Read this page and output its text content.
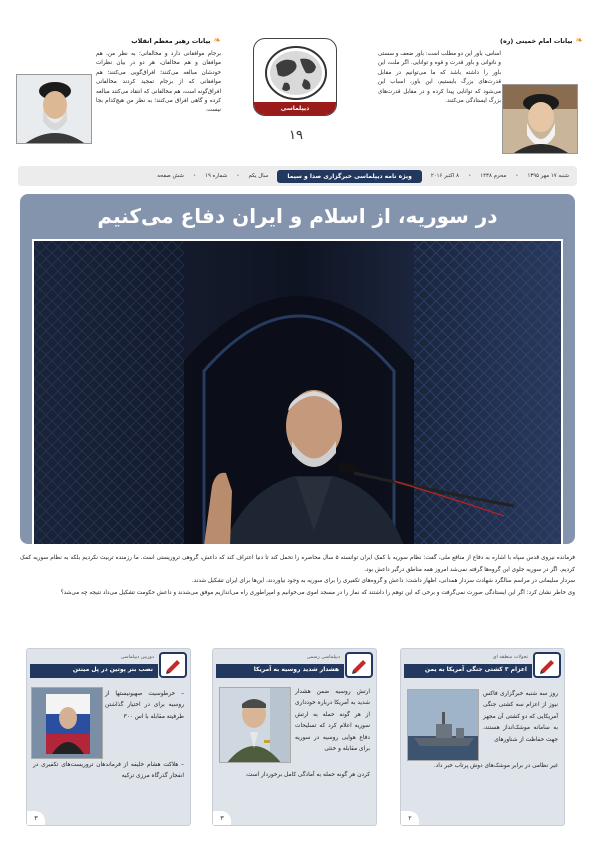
❧
بیانات امام خمینی (ره)
اساس، باور این دو مطلب است: باور ضعف و سستی و ناتوانی و باور قدرت و قوه و توانایی. اگر ملت، این باور را داشته باشد که ما می‌توانیم در مقابل قدرت‌های بزرگ بایستیم، این باور، اسباب این می‌شود که توانایی پیدا کرده و در مقابل قدرت‌های بزرگ ایستادگی می‌کنند.
❧
بیانات رهبر معظم انقلاب
برجام موافقانی دارد و مخالفانی؛ به نظر من، هم موافقان و هم مخالفان، هر دو در بیان نظرات خودشان مبالغه می‌کنند؛ افراق‌گویی می‌کنند؛ هم موافقانی که از برجام تمجید کردند مخالفانی افراق‌گونه است، هم مخالفانی که انتقاد می‌کنند مبالغه کرده و گاهی افراق می‌کنند؛ به نظر من هیچ‌کدام بجا نیست.	دیپلماسی
۱۹
شنبه ۱۷ مهر ۱۳۹۵
•
محرم ۱۴۳۸
•
۸ اکتبر ۲۰۱۶
ویژه نامه دیپلماسی خبرگزاری صدا و سیما
سال یکم
•
شماره ۱۹
•
شش صفحه
در سوریه، از اسلام و ایران دفاع می‌کنیم

فرمانده نیروی قدس سپاه با اشاره به دفاع از منافع ملی، گفت: نظام سوریه با کمک ایران توانسته ۵ سال محاصره را تحمل کند تا دنیا اعتراف کند که داعش، گروهی تروریستی است. ما رزمنده تربیت نکردیم بلکه به نظام سوریه کمک کردیم. اگر در سوریه جلوی این گروه‌ها گرفته نمی‌شد امروز همه مناطق درگیر داعش بود.

سردار سلیمانی در مراسم سالگرد شهادت سردار همدانی، اظهار داشت: داعش و گروه‌های تکفیری را برای سوریه به وجود نیاوردند، این‌ها برای ایران تشکیل شدند.

وی خاطر نشان کرد: اگر این ایستادگی صورت نمی‌گرفت و برخی که این توهم را داشتند که نماز را در مسجد اموی می‌خوانیم و امپراطوری راه می‌اندازیم موفق می‌شدند و داعش حکومت تشکیل می‌داد نتیجه چه می‌شد؟

تحولات منطقه ای
اعزام ۳ کشتی جنگی آمریکا به یمن
روز سه شنبه خبرگزاری فاکس نیوز از اعزام سه کشتی جنگی آمریکایی که دو کشتی آن مجهز به سامانه موشک‌انداز هستند، جهت حفاظت از شناورهای
غیر نظامی در برابر موشک‌های دوش پرتاب خبر داد.
۲
دیپلماسی رسمی
هشدار شدید روسیه به آمریکا
ارتش روسیه ضمن هشدار شدید به آمریکا درباره خودداری از هر گونه حمله به ارتش سوریه اعلام کرد که تسلیحات دفاع هوایی روسیه در سوریه برای مقابله و خنثی
کردن هر گونه حمله به آمادگی کامل برخوردار است.
۳
دوربین دیپلماسی
نصب بنر پوتین در پل مینتن
– خرطوسیت صهیونیستها از روسیه برای در اختیار گذاشتن طرفیته مقابله با اس ۳۰۰
– هلاکت هشام خلیفه از فرماندهان تروریست‌های تکفیری در انفجار گذرگاه مرزی ترکیه
۳
